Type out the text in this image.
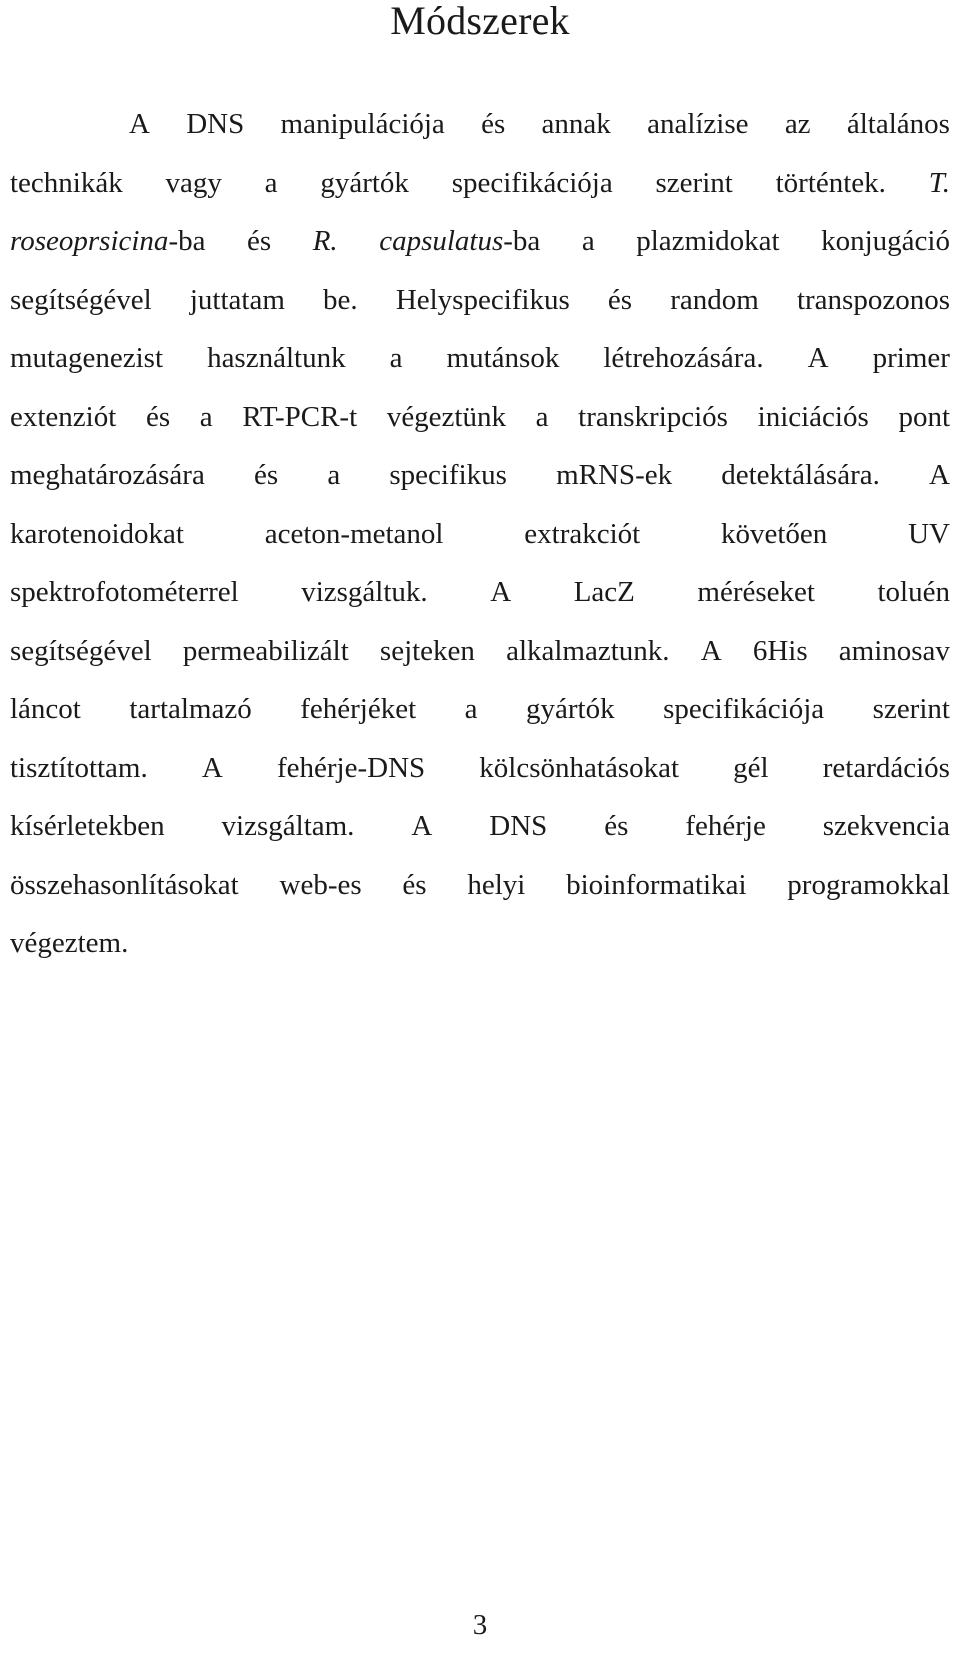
Módszerek
A DNS manipulációja és annak analízise az általános
technikák vagy a gyártók specifikációja szerint történtek. T.
roseoprsicina-ba és R. capsulatus-ba a plazmidokat konjugáció
segítségével juttatam be. Helyspecifikus és random transpozonos
mutagenezist használtunk a mutánsok létrehozására. A primer
extenziót és a RT-PCR-t végeztünk a transkripciós iniciációs pont
meghatározására és a specifikus mRNS-ek detektálására. A
karotenoidokat	aceton-metanol	extrakciót	követően	UV
spektrofotométerrel vizsgáltuk. A LacZ méréseket toluén
segítségével permeabilizált sejteken alkalmaztunk. A 6His aminosav
láncot tartalmazó fehérjéket a gyártók specifikációja szerint
tisztítottam. A fehérje-DNS kölcsönhatásokat gél retardációs
kísérletekben vizsgáltam. A DNS és fehérje szekvencia
összehasonlításokat web-es és helyi bioinformatikai programokkal
végeztem.
3
